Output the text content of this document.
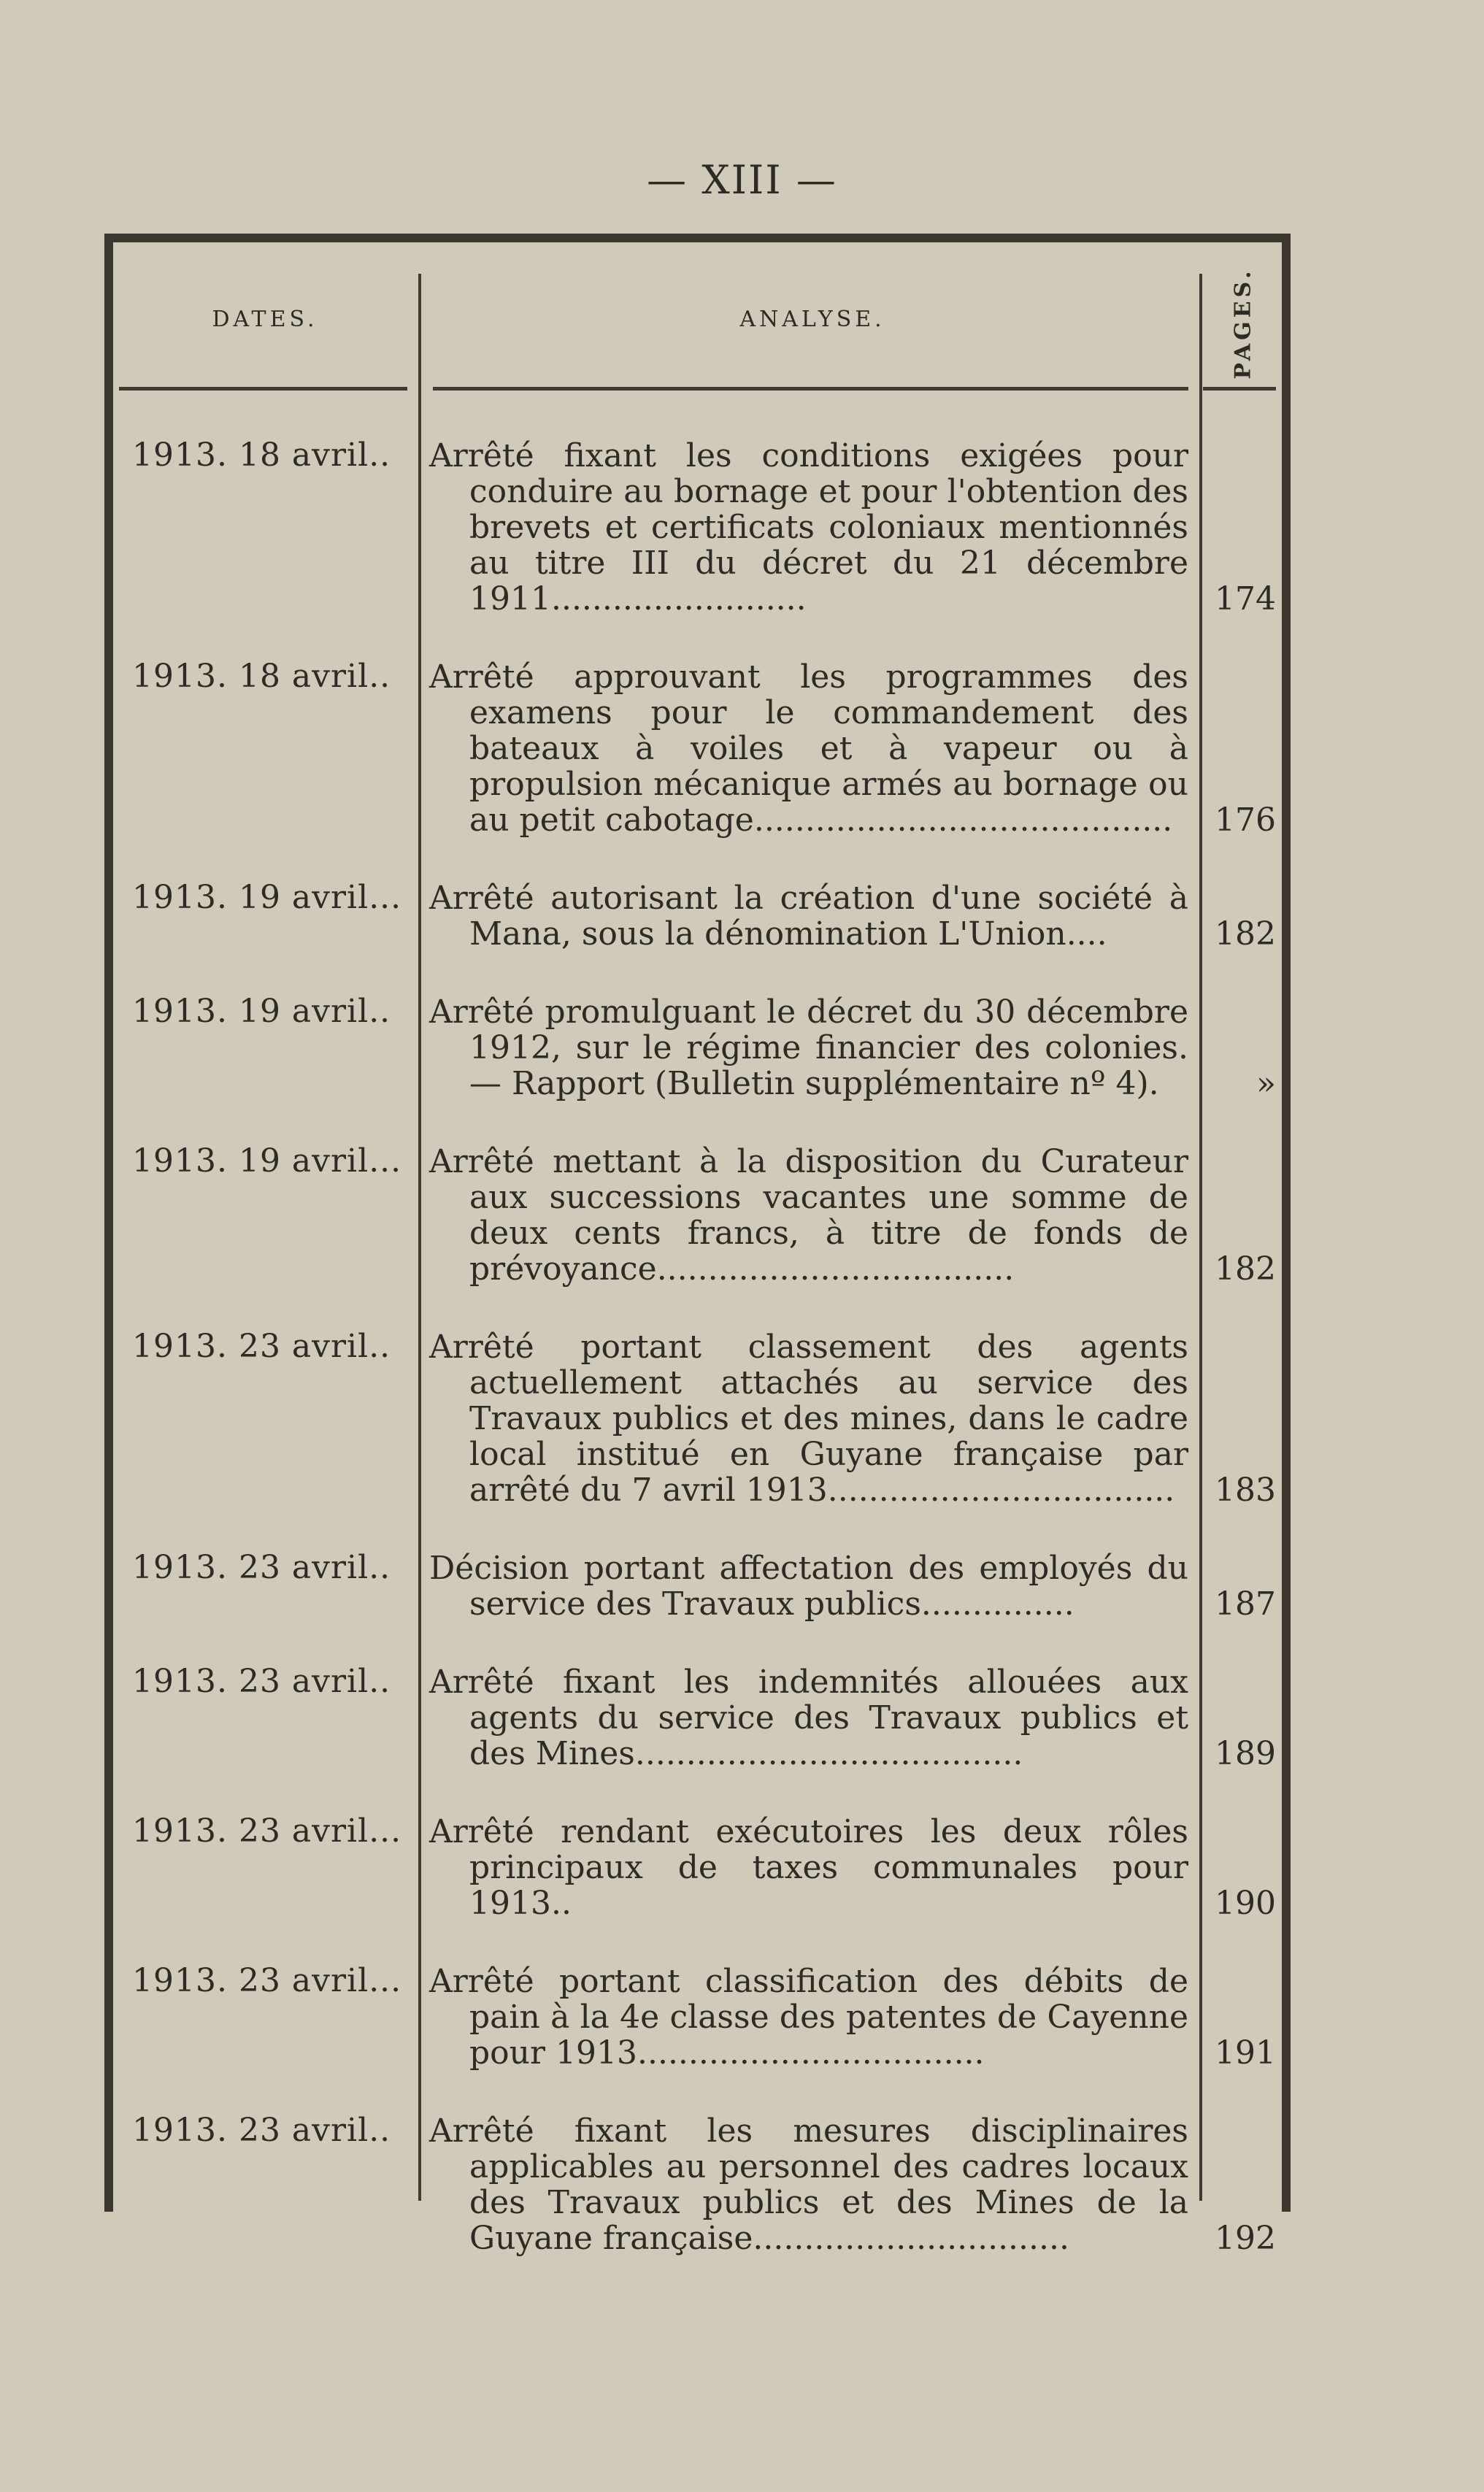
— XIII —
DATES.	ANALYSE.	PAGES.
1913. 18 avril..	Arrêté fixant les conditions exigées pour conduire au bornage et pour l'obtention des brevets et certificats coloniaux mentionnés au titre III du décret du 21 décembre 1911.........................	174
1913. 18 avril..	Arrêté approuvant les programmes des examens pour le commandement des bateaux à voiles et à vapeur ou à propulsion mécanique armés au bornage ou au petit cabotage.........................................	176
1913. 19 avril... Arrêté autorisant la création d'une société à Mana, sous la dénomination L'Union....	182
1913. 19 avril..	Arrêté promulguant le décret du 30 décembre 1912, sur le régime financier des colonies. — Rapport (Bulletin supplémentaire nº 4).	»
1913. 19 avril... Arrêté mettant à la disposition du Curateur aux successions vacantes une somme de deux cents francs, à titre de fonds de prévoyance...................................	182
1913. 23 avril..	Arrêté portant classement des agents actuellement attachés au service des Travaux publics et des mines, dans le cadre local institué en Guyane française par arrêté du 7 avril 1913..................................	183
1913. 23 avril..	Décision portant affectation des employés du service des Travaux publics...............	187
1913. 23 avril..	Arrêté fixant les indemnités allouées aux agents du service des Travaux publics et des Mines......................................	189
1913. 23 avril... Arrêté rendant exécutoires les deux rôles principaux de taxes communales pour 1913..	190
1913. 23 avril... Arrêté portant classification des débits de pain à la 4e classe des patentes de Cayenne pour 1913..................................	191
1913. 23 avril..	Arrêté fixant les mesures disciplinaires applicables au personnel des cadres locaux des Travaux publics et des Mines de la Guyane française...............................	192
